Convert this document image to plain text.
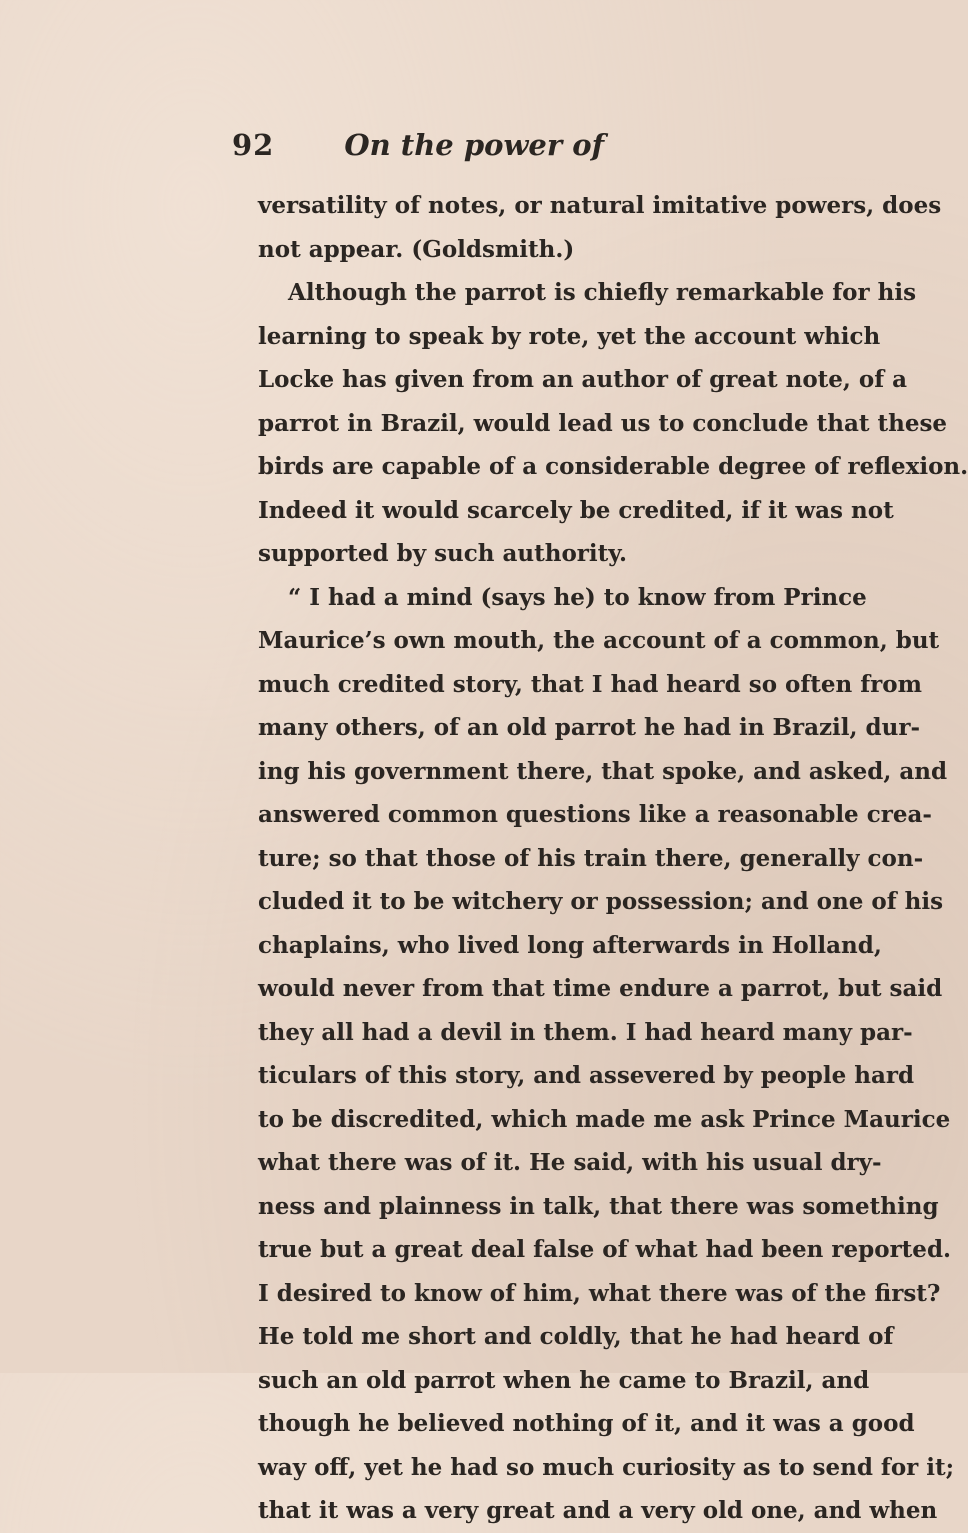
92 On the power of
versatility of notes, or natural imitative powers, does
not appear. (Goldsmith.)
Although the parrot is chiefly remarkable for his
learning to speak by rote, yet the account which
Locke has given from an author of great note, of a
parrot in Brazil, would lead us to conclude that these
birds are capable of a considerable degree of reflexion.
Indeed it would scarcely be credited, if it was not
supported by such authority.
“ I had a mind (says he) to know from Prince
Maurice’s own mouth, the account of a common, but
much credited story, that I had heard so often from
many others, of an old parrot he had in Brazil, dur-
ing his government there, that spoke, and asked, and
answered common questions like a reasonable crea-
ture; so that those of his train there, generally con-
cluded it to be witchery or possession; and one of his
chaplains, who lived long afterwards in Holland,
would never from that time endure a parrot, but said
they all had a devil in them. I had heard many par-
ticulars of this story, and assevered by people hard
to be discredited, which made me ask Prince Maurice
what there was of it. He said, with his usual dry-
ness and plainness in talk, that there was something
true but a great deal false of what had been reported.
I desired to know of him, what there was of the first?
He told me short and coldly, that he had heard of
such an old parrot when he came to Brazil, and
though he believed nothing of it, and it was a good
way off, yet he had so much curiosity as to send for it;
that it was a very great and a very old one, and when
